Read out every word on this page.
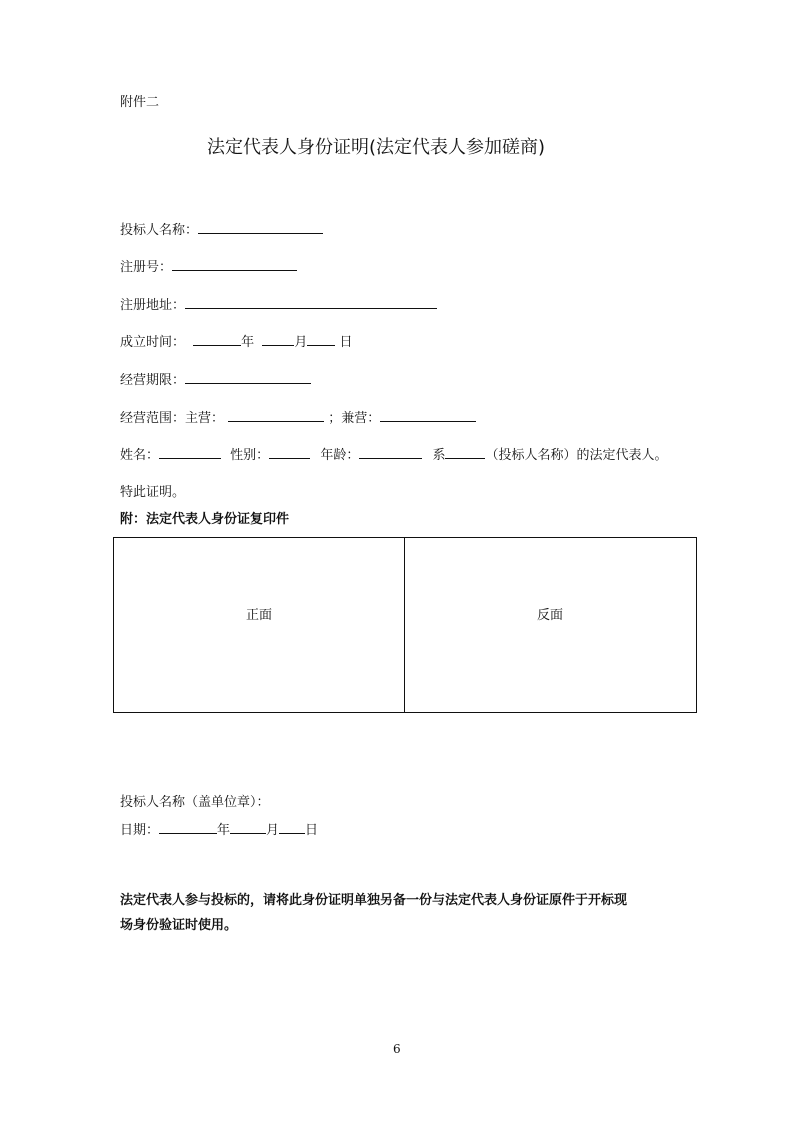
附件二
法定代表人身份证明(法定代表人参加磋商)
投标人名称：
注册号：
注册地址：
成立时间：	年	月 日
经营期限：
经营范围：主营：	；兼营：
姓名：	性别：	年龄：	系	（投标人名称）的法定代表人。
特此证明。
附：法定代表人身份证复印件
正面	反面
投标人名称（盖单位章）：
日期：	年	月 日
法定代表人参与投标的，请将此身份证明单独另备一份与法定代表人身份证原件于开标现
场身份验证时使用。
6
